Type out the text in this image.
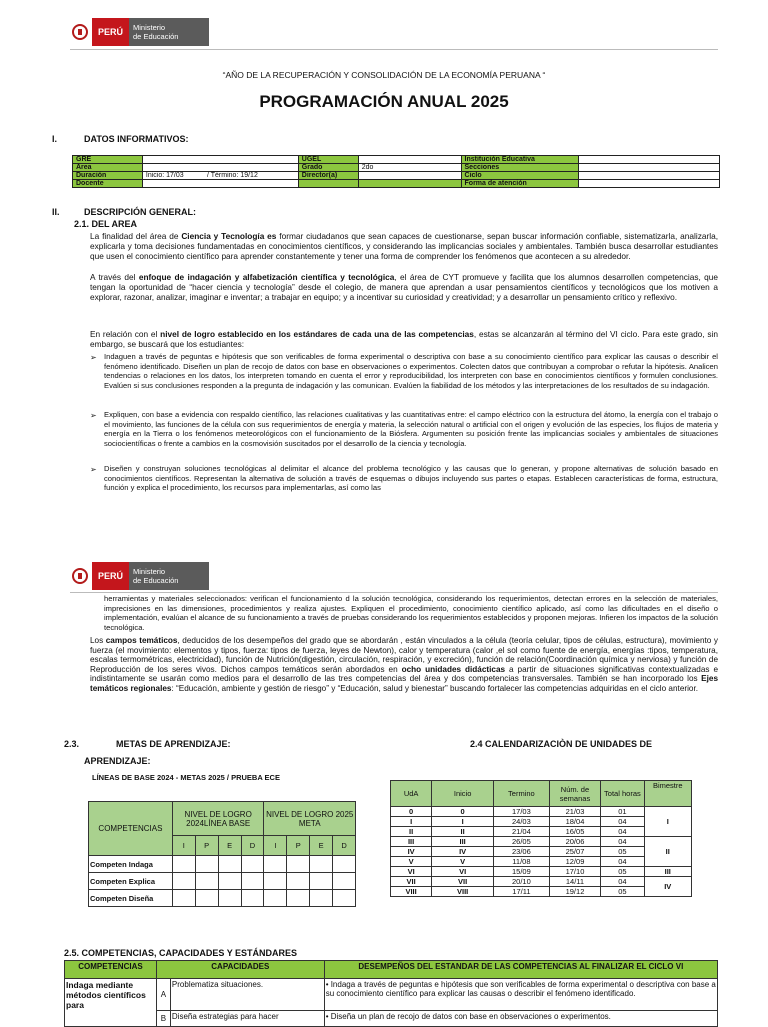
PERÚ	Ministerio
de Educación
“AÑO DE LA RECUPERACIÓN Y CONSOLIDACIÓN DE LA ECONOMÍA PERUANA “
PROGRAMACIÓN ANUAL 2025
I.	DATOS INFORMATIVOS:
GRE		UGEL		Institución Educativa	
Area		Grado	2do	Secciones	
Duración	Inicio: 17/03            / Término: 19/12	Director(a)		Ciclo	
Docente				Forma de atención	
II.	DESCRIPCIÓN GENERAL:
2.1. DEL AREA
La finalidad del área de Ciencia y Tecnología es formar ciudadanos que sean capaces de cuestionarse, sepan buscar información confiable, sistematizarla, analizarla, explicarla y toma decisiones fundamentadas en conocimientos científicos, y considerando las implicancias sociales y ambientales. También busca desarrollar estudiantes que usen el conocimiento científico para aprender constantemente y tener una forma de comprender los fenómenos que acontecen a su alrededor.
A través del enfoque de indagación y alfabetización científica y tecnológica, el área de CYT promueve y facilita que los alumnos desarrollen competencias, que tengan la oportunidad de “hacer ciencia y tecnología” desde el colegio, de manera que aprendan a usar pensamientos científicos y tecnológicos que los motiven a explorar, razonar, analizar, imaginar e inventar; a trabajar en equipo; y a incentivar su curiosidad y creatividad; y a desarrollar un pensamiento crítico y reflexivo.
En relación con el nivel de logro establecido en los estándares de cada una de las competencias, estas se alcanzarán al término del VI ciclo. Para este grado, sin embargo, se buscará que los estudiantes:
➢ Indaguen a través de peguntas e hipótesis que son verificables de forma experimental o descriptiva con base a su conocimiento científico para explicar las causas o describir el fenómeno identificado. Diseñen un plan de recojo de datos con base en observaciones o experimentos. Colecten datos que contribuyan a comprobar o refutar la hipótesis. Analicen tendencias o relaciones en los datos, los interpreten tomando en cuenta el error y reproducibilidad, los interpreten con base en conocimientos científicos y formulen conclusiones. Evalúen si sus conclusiones responden a la pregunta de indagación y las comunican. Evalúen la fiabilidad de los métodos y las interpretaciones de los resultados de su indagación.
➢ Expliquen, con base a evidencia con respaldo científico, las relaciones cualitativas y las cuantitativas entre: el campo eléctrico con la estructura del átomo, la energía con el trabajo o el movimiento, las funciones de la célula con sus requerimientos de energía y materia, la selección natural o artificial con el origen y evolución de las especies, los flujos de materia y energía en la Tierra o los fenómenos meteorológicos con el funcionamiento de la Biósfera. Argumenten su posición frente las implicancias sociales y ambientales de situaciones sociocientíficas o frente a cambios en la cosmovisión suscitados por el desarrollo de la ciencia y tecnología.
➢ Diseñen y construyan soluciones tecnológicas al delimitar el alcance del problema tecnológico y las causas que lo generan, y propone alternativas de solución basado en conocimientos científicos. Representan la alternativa de solución a través de esquemas o dibujos incluyendo sus partes o etapas. Establecen características de forma, estructura, función y explica el procedimiento, los recursos para implementarlas, así como las
PERÚ	Ministerio
de Educación
herramientas y materiales seleccionados: verifican el funcionamiento d la solución tecnológica, considerando los requerimientos, detectan errores en la selección de materiales, imprecisiones en las dimensiones, procedimientos y realiza ajustes. Expliquen el procedimiento, conocimiento científico aplicado, así como las dificultades en el diseño o implementación, evalúan el alcance de su funcionamiento a través de pruebas considerando los requerimientos establecidos y proponen mejoras. Infieren los impactos de la solución tecnológica.
Los campos temáticos, deducidos de los desempeños del grado que se abordarán , están vinculados a la célula (teoría celular, tipos de células, estructura), movimiento y fuerza (el movimiento: elementos y tipos, fuerza: tipos de fuerza, leyes de Newton), calor y temperatura (calor ,el sol como fuente de energía, energías :tipos, temperatura, escalas termométricas, electricidad), función de Nutrición(digestión, circulación, respiración, y excreción), función de relación(Coordinación química y nerviosa) y función de Reproducción de los seres vivos. Dichos campos temáticos serán abordados en ocho unidades didácticas a partir de situaciones significativas contextualizadas e indistintamente se usarán como medios para el desarrollo de las tres competencias del área y dos competencias transversales. También se han incorporado los Ejes temáticos regionales: “Educación, ambiente y gestión de riesgo” y “Educación, salud y bienestar” buscando fortalecer las competencias adquiridas en el ciclo anterior.
2.3.	METAS DE APRENDIZAJE:
APRENDIZAJE:
2.4 CALENDARIZACIÒN DE UNIDADES DE
LÍNEAS DE BASE 2024 - METAS 2025 / PRUEBA ECE
COMPETENCIAS	NIVEL DE LOGRO 2024LÍNEA BASE				NIVEL DE LOGRO 2025 META			
	I	P	E	D	I	P	E	D
Competen Indaga								
Competen Explica								
Competen Diseña								
UdA	Inicio	Termino	Núm. de semanas	Total horas	Bimestre
0	0	17/03	21/03	01	I
I	I	24/03	18/04	04	
II	II	21/04	16/05	04	
III	III	26/05	20/06	04	II
IV	IV	23/06	25/07	05	
V	V	11/08	12/09	04	
VI	VI	15/09	17/10	05	III
VII	VII	20/10	14/11	04	IV
VIII	VIII	17/11	19/12	05	
2.5. COMPETENCIAS, CAPACIDADES Y ESTÁNDARES
COMPETENCIAS	CAPACIDADES		DESEMPEÑOS DEL ESTANDAR DE LAS COMPETENCIAS AL FINALIZAR EL CICLO VI
Indaga mediante métodos científicos para	A	Problematiza situaciones.	• Indaga a través de peguntas e hipótesis que son verificables de forma experimental o descriptiva con base a su conocimiento científico para explicar las causas o describir el fenómeno identificado.
	B	Diseña estrategias para hacer	• Diseña un plan de recojo de datos con base en observaciones o experimentos.
